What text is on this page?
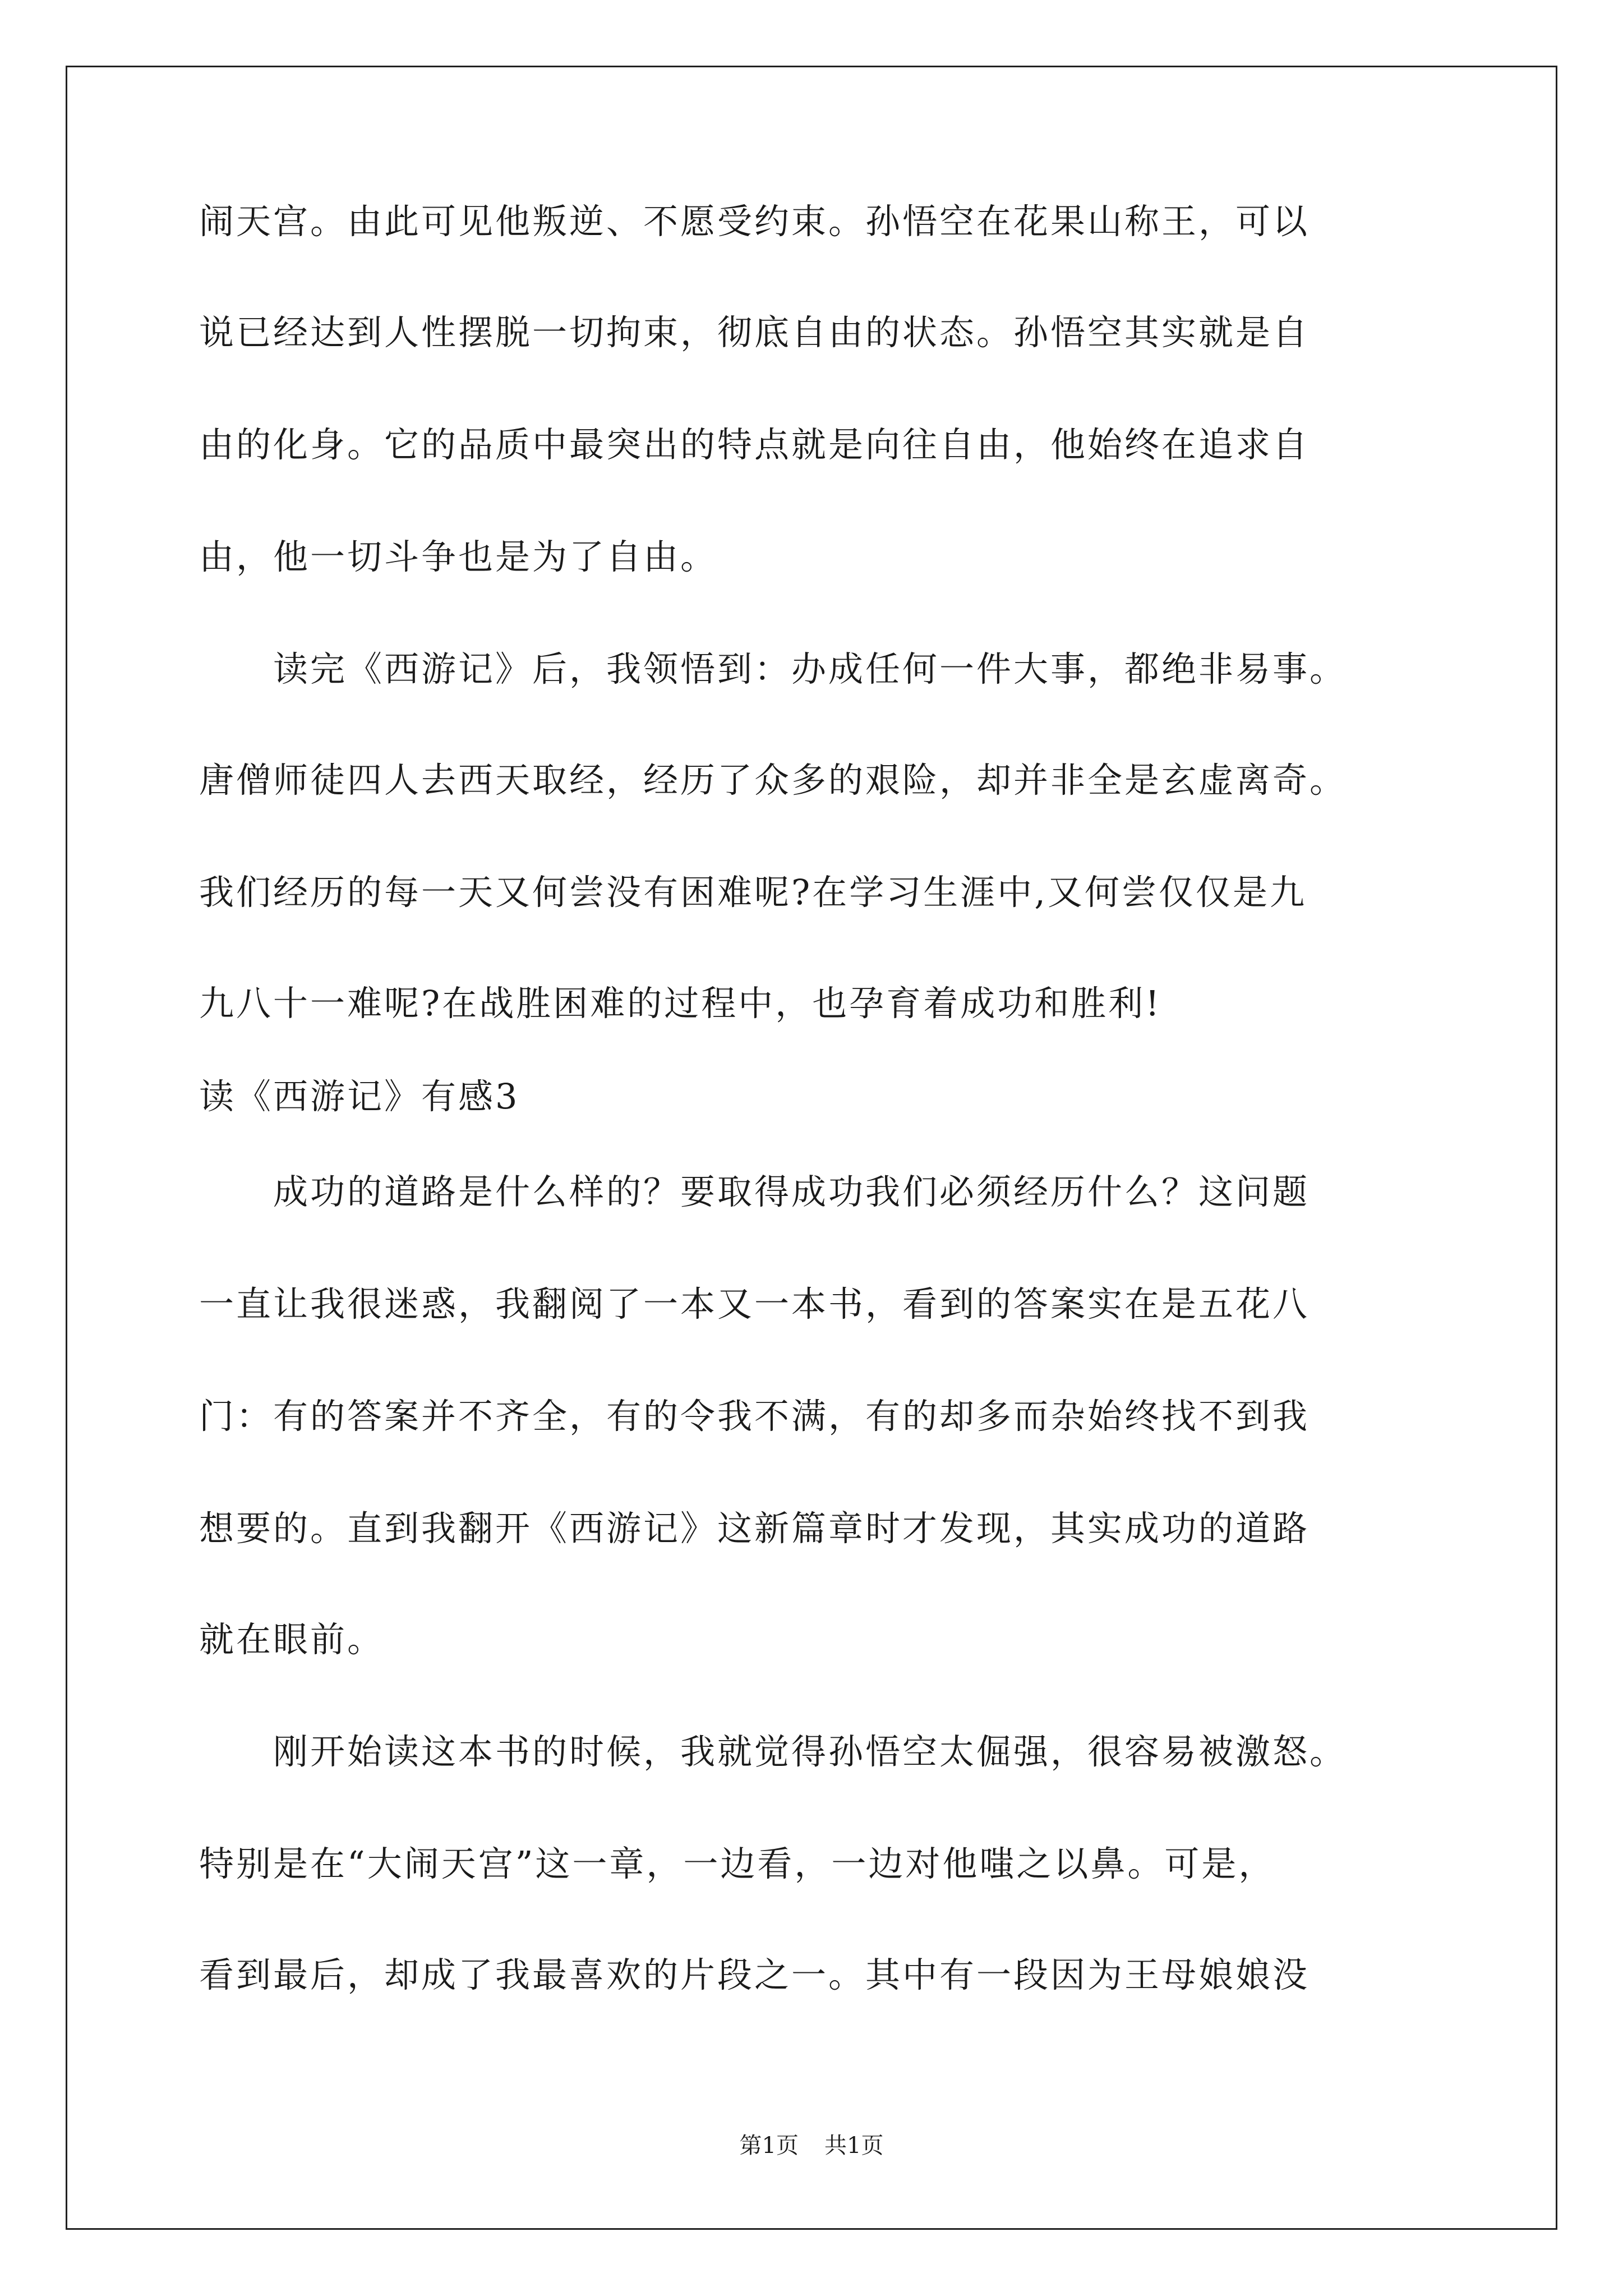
闹天宫。由此可见他叛逆、不愿受约束。孙悟空在花果山称王，可以

说已经达到人性摆脱一切拘束，彻底自由的状态。孙悟空其实就是自

由的化身。它的品质中最突出的特点就是向往自由，他始终在追求自

由，他一切斗争也是为了自由。

　　读完《西游记》后，我领悟到：办成任何一件大事，都绝非易事。

唐僧师徒四人去西天取经，经历了众多的艰险，却并非全是玄虚离奇。

我们经历的每一天又何尝没有困难呢?在学习生涯中,又何尝仅仅是九

九八十一难呢?在战胜困难的过程中，也孕育着成功和胜利!

读《西游记》有感3

　　成功的道路是什么样的？要取得成功我们必须经历什么？这问题

一直让我很迷惑，我翻阅了一本又一本书，看到的答案实在是五花八

门：有的答案并不齐全，有的令我不满，有的却多而杂始终找不到我

想要的。直到我翻开《西游记》这新篇章时才发现，其实成功的道路

就在眼前。

　　刚开始读这本书的时候，我就觉得孙悟空太倔强，很容易被激怒。

特别是在“大闹天宫”这一章，一边看，一边对他嗤之以鼻。可是，

看到最后，却成了我最喜欢的片段之一。其中有一段因为王母娘娘没

第1页 共1页
